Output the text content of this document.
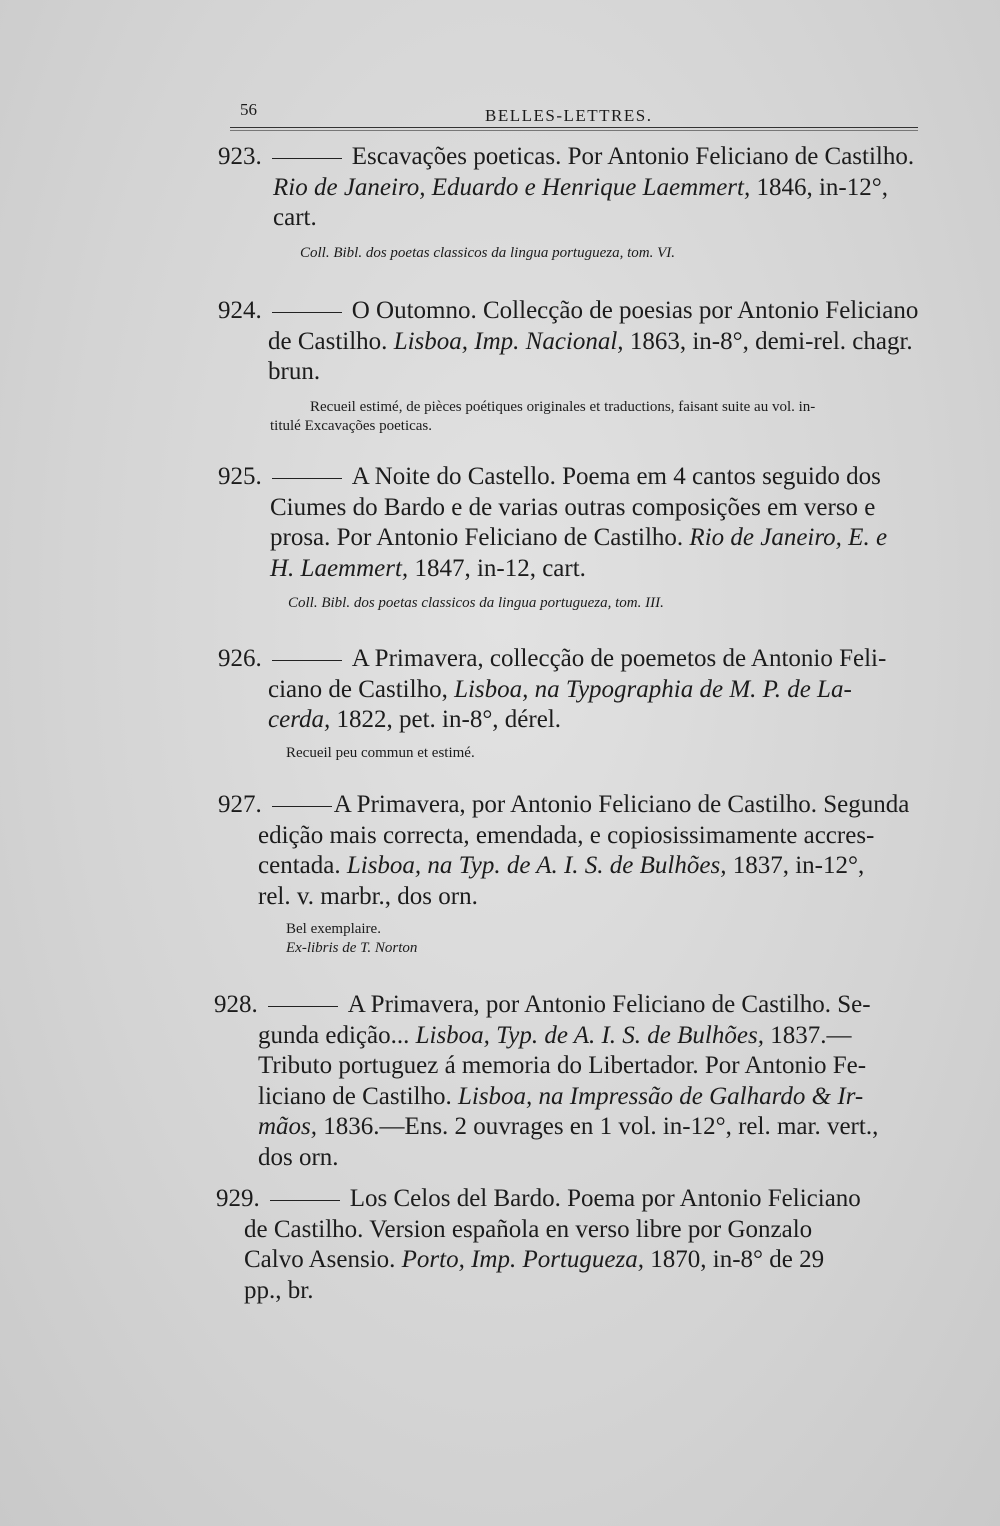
56	BELLES-LETTRES.
923.	Escavações poeticas. Por Antonio Feliciano de Castilho.
Rio de Janeiro, Eduardo e Henrique Laemmert, 1846, in-12°,
cart.
Coll. Bibl. dos poetas classicos da lingua portugueza, tom. VI.
924.	O Outomno. Collecção de poesias por Antonio Feliciano
de Castilho. Lisboa, Imp. Nacional, 1863, in-8°, demi-rel. chagr.
brun.
Recueil estimé, de pièces poétiques originales et traductions, faisant suite au vol. in-
titulé Excavações poeticas.
925.	A Noite do Castello. Poema em 4 cantos seguido dos
Ciumes do Bardo e de varias outras composições em verso e
prosa. Por Antonio Feliciano de Castilho. Rio de Janeiro, E. e
H. Laemmert, 1847, in-12, cart.
Coll. Bibl. dos poetas classicos da lingua portugueza, tom. III.
926.	A Primavera, collecção de poemetos de Antonio Feli-
ciano de Castilho, Lisboa, na Typographia de M. P. de La-
cerda, 1822, pet. in-8°, dérel.
Recueil peu commun et estimé.
927.	A Primavera, por Antonio Feliciano de Castilho. Segunda
edição mais correcta, emendada, e copiosissimamente accres-
centada. Lisboa, na Typ. de A. I. S. de Bulhões, 1837, in-12°,
rel. v. marbr., dos orn.
Bel exemplaire.
Ex-libris de T. Norton
928.	A Primavera, por Antonio Feliciano de Castilho. Se-
gunda edição... Lisboa, Typ. de A. I. S. de Bulhões, 1837.—
Tributo portuguez á memoria do Libertador. Por Antonio Fe-
liciano de Castilho. Lisboa, na Impressão de Galhardo & Ir-
mãos, 1836.—Ens. 2 ouvrages en 1 vol. in-12°, rel. mar. vert.,
dos orn.
929.	Los Celos del Bardo. Poema por Antonio Feliciano
de Castilho. Version española en verso libre por Gonzalo
Calvo Asensio. Porto, Imp. Portugueza, 1870, in-8° de 29
pp., br.
